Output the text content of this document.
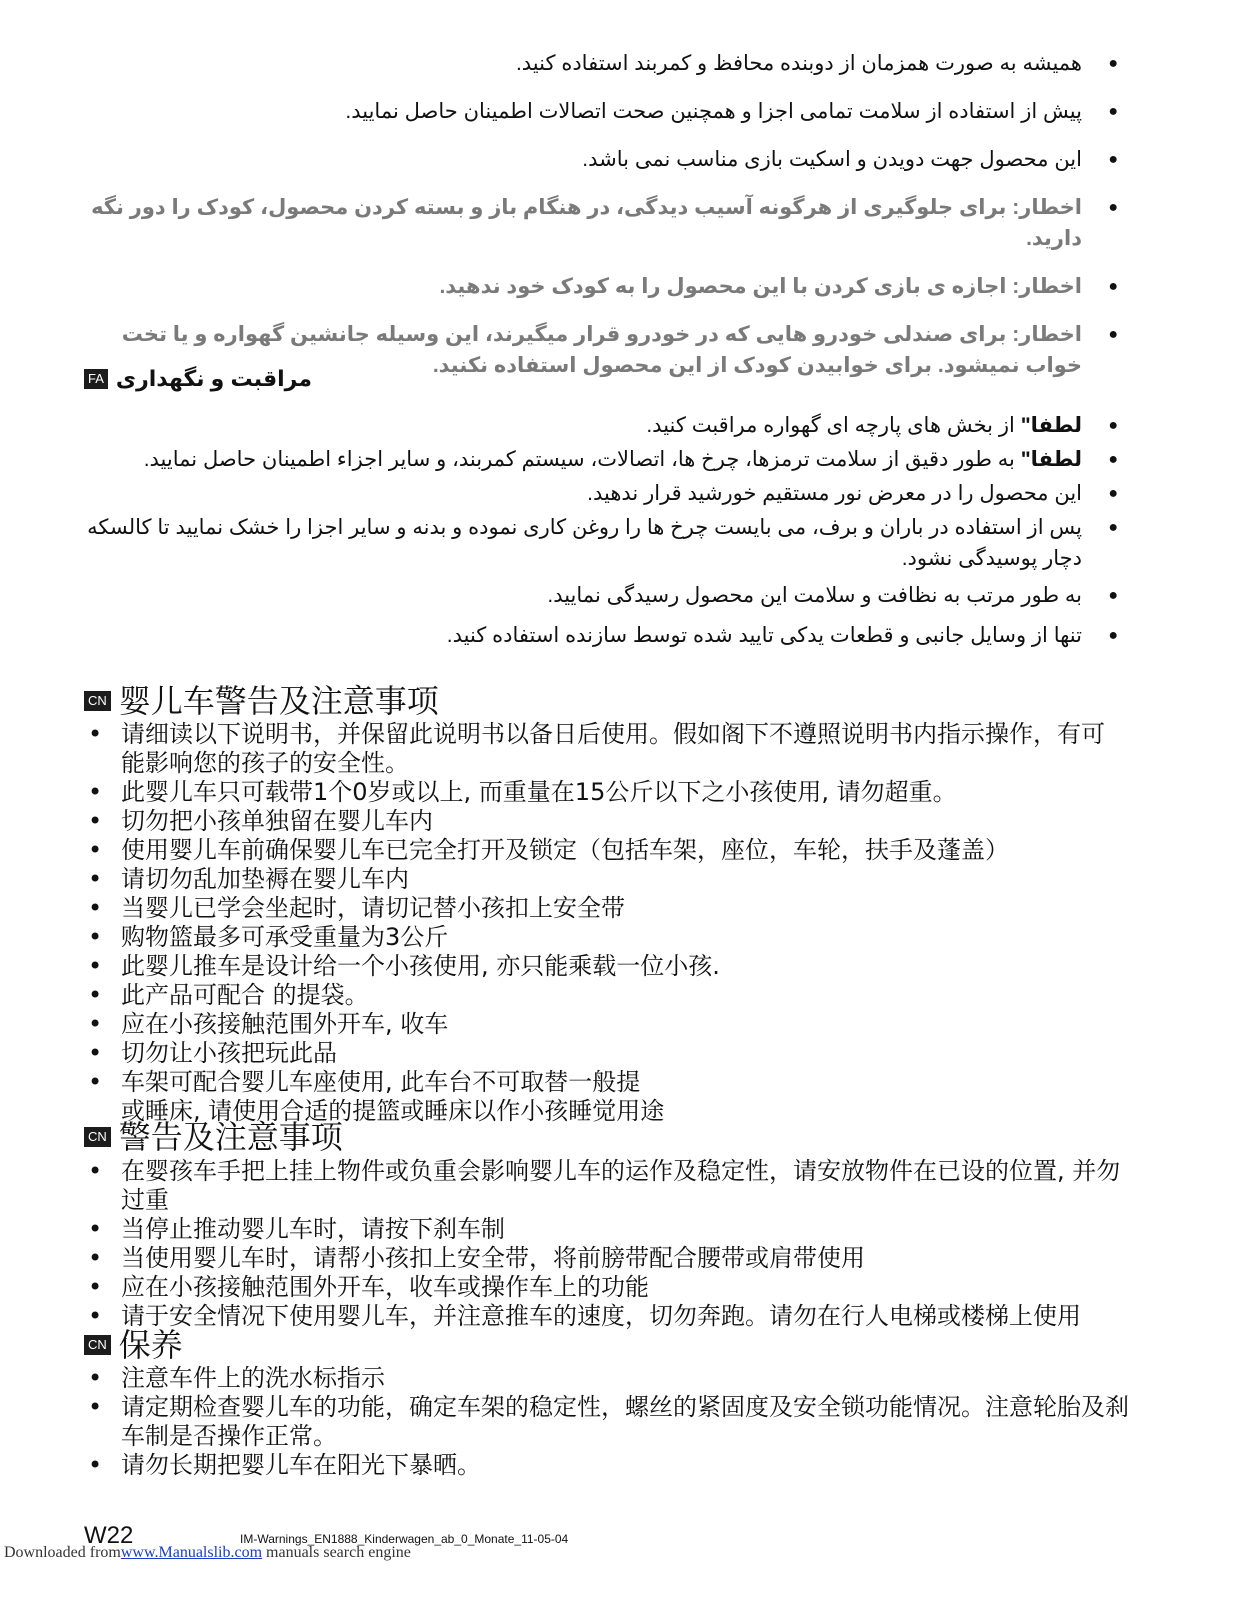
● همیشه به صورت همزمان از دوبنده محافظ و کمربند استفاده کنید.
● پیش از استفاده از سلامت تمامی اجزا و همچنین صحت اتصالات اطمینان حاصل نمایید.
● این محصول جهت دویدن و اسکیت بازی مناسب نمی باشد.
● اخطار: برای جلوگیری از هرگونه آسیب دیدگی، در هنگام باز و بسته کردن محصول، کودک را دور نگه دارید.
● اخطار: اجازه ی بازی کردن با این محصول را به کودک خود ندهید.
● اخطار: برای صندلی خودرو هایی که در خودرو قرار میگیرند، این وسیله جانشین گهواره و یا تخت خواب نمیشود. برای خوابیدن کودک از این محصول استفاده نکنید.
FA مراقبت و نگهداری
● لطفا" از بخش های پارچه ای گهواره مراقبت کنید.
● لطفا" به طور دقیق از سلامت ترمزها، چرخ ها، اتصالات، سیستم کمربند، و سایر اجزاء اطمینان حاصل نمایید.
● این محصول را در معرض نور مستقیم خورشید قرار ندهید.
● پس از استفاده در باران و برف، می بایست چرخ ها را روغن کاری نموده و بدنه و سایر اجزا را خشک نمایید تا کالسکه دچار پوسیدگی نشود.
● به طور مرتب به نظافت و سلامت این محصول رسیدگی نمایید.
● تنها از وسایل جانبی و قطعات یدکی تایید شده توسط سازنده استفاده کنید.
CN 婴儿车警告及注意事项
• 请细读以下说明书，并保留此说明书以备日后使用。假如阁下不遵照说明书内指示操作，有可能影响您的孩子的安全性。
• 此婴儿车只可载带1个0岁或以上, 而重量在15公斤以下之小孩使用, 请勿超重。
• 切勿把小孩单独留在婴儿车内
• 使用婴儿车前确保婴儿车已完全打开及锁定（包括车架，座位，车轮，扶手及蓬盖）
• 请切勿乱加垫褥在婴儿车内
• 当婴儿已学会坐起时，请切记替小孩扣上安全带
• 购物篮最多可承受重量为3公斤
• 此婴儿推车是设计给一个小孩使用, 亦只能乘载一位小孩.
• 此产品可配合 的提袋。
• 应在小孩接触范围外开车, 收车
• 切勿让小孩把玩此品
• 车架可配合婴儿车座使用, 此车台不可取替一般提
或睡床, 请使用合适的提篮或睡床以作小孩睡觉用途
CN 警告及注意事项
• 在婴孩车手把上挂上物件或负重会影响婴儿车的运作及稳定性，请安放物件在已设的位置, 并勿过重
• 当停止推动婴儿车时，请按下刹车制
• 当使用婴儿车时，请帮小孩扣上安全带，将前膀带配合腰带或肩带使用
• 应在小孩接触范围外开车，收车或操作车上的功能
• 请于安全情况下使用婴儿车，并注意推车的速度，切勿奔跑。请勿在行人电梯或楼梯上使用
CN 保养
• 注意车件上的洗水标指示
• 请定期检查婴儿车的功能，确定车架的稳定性，螺丝的紧固度及安全锁功能情况。注意轮胎及刹车制是否操作正常。
• 请勿长期把婴儿车在阳光下暴晒。
W22	IM-Warnings_EN1888_Kinderwagen_ab_0_Monate_11-05-04
Downloaded fromwww.Manualslib.com manuals search engine
